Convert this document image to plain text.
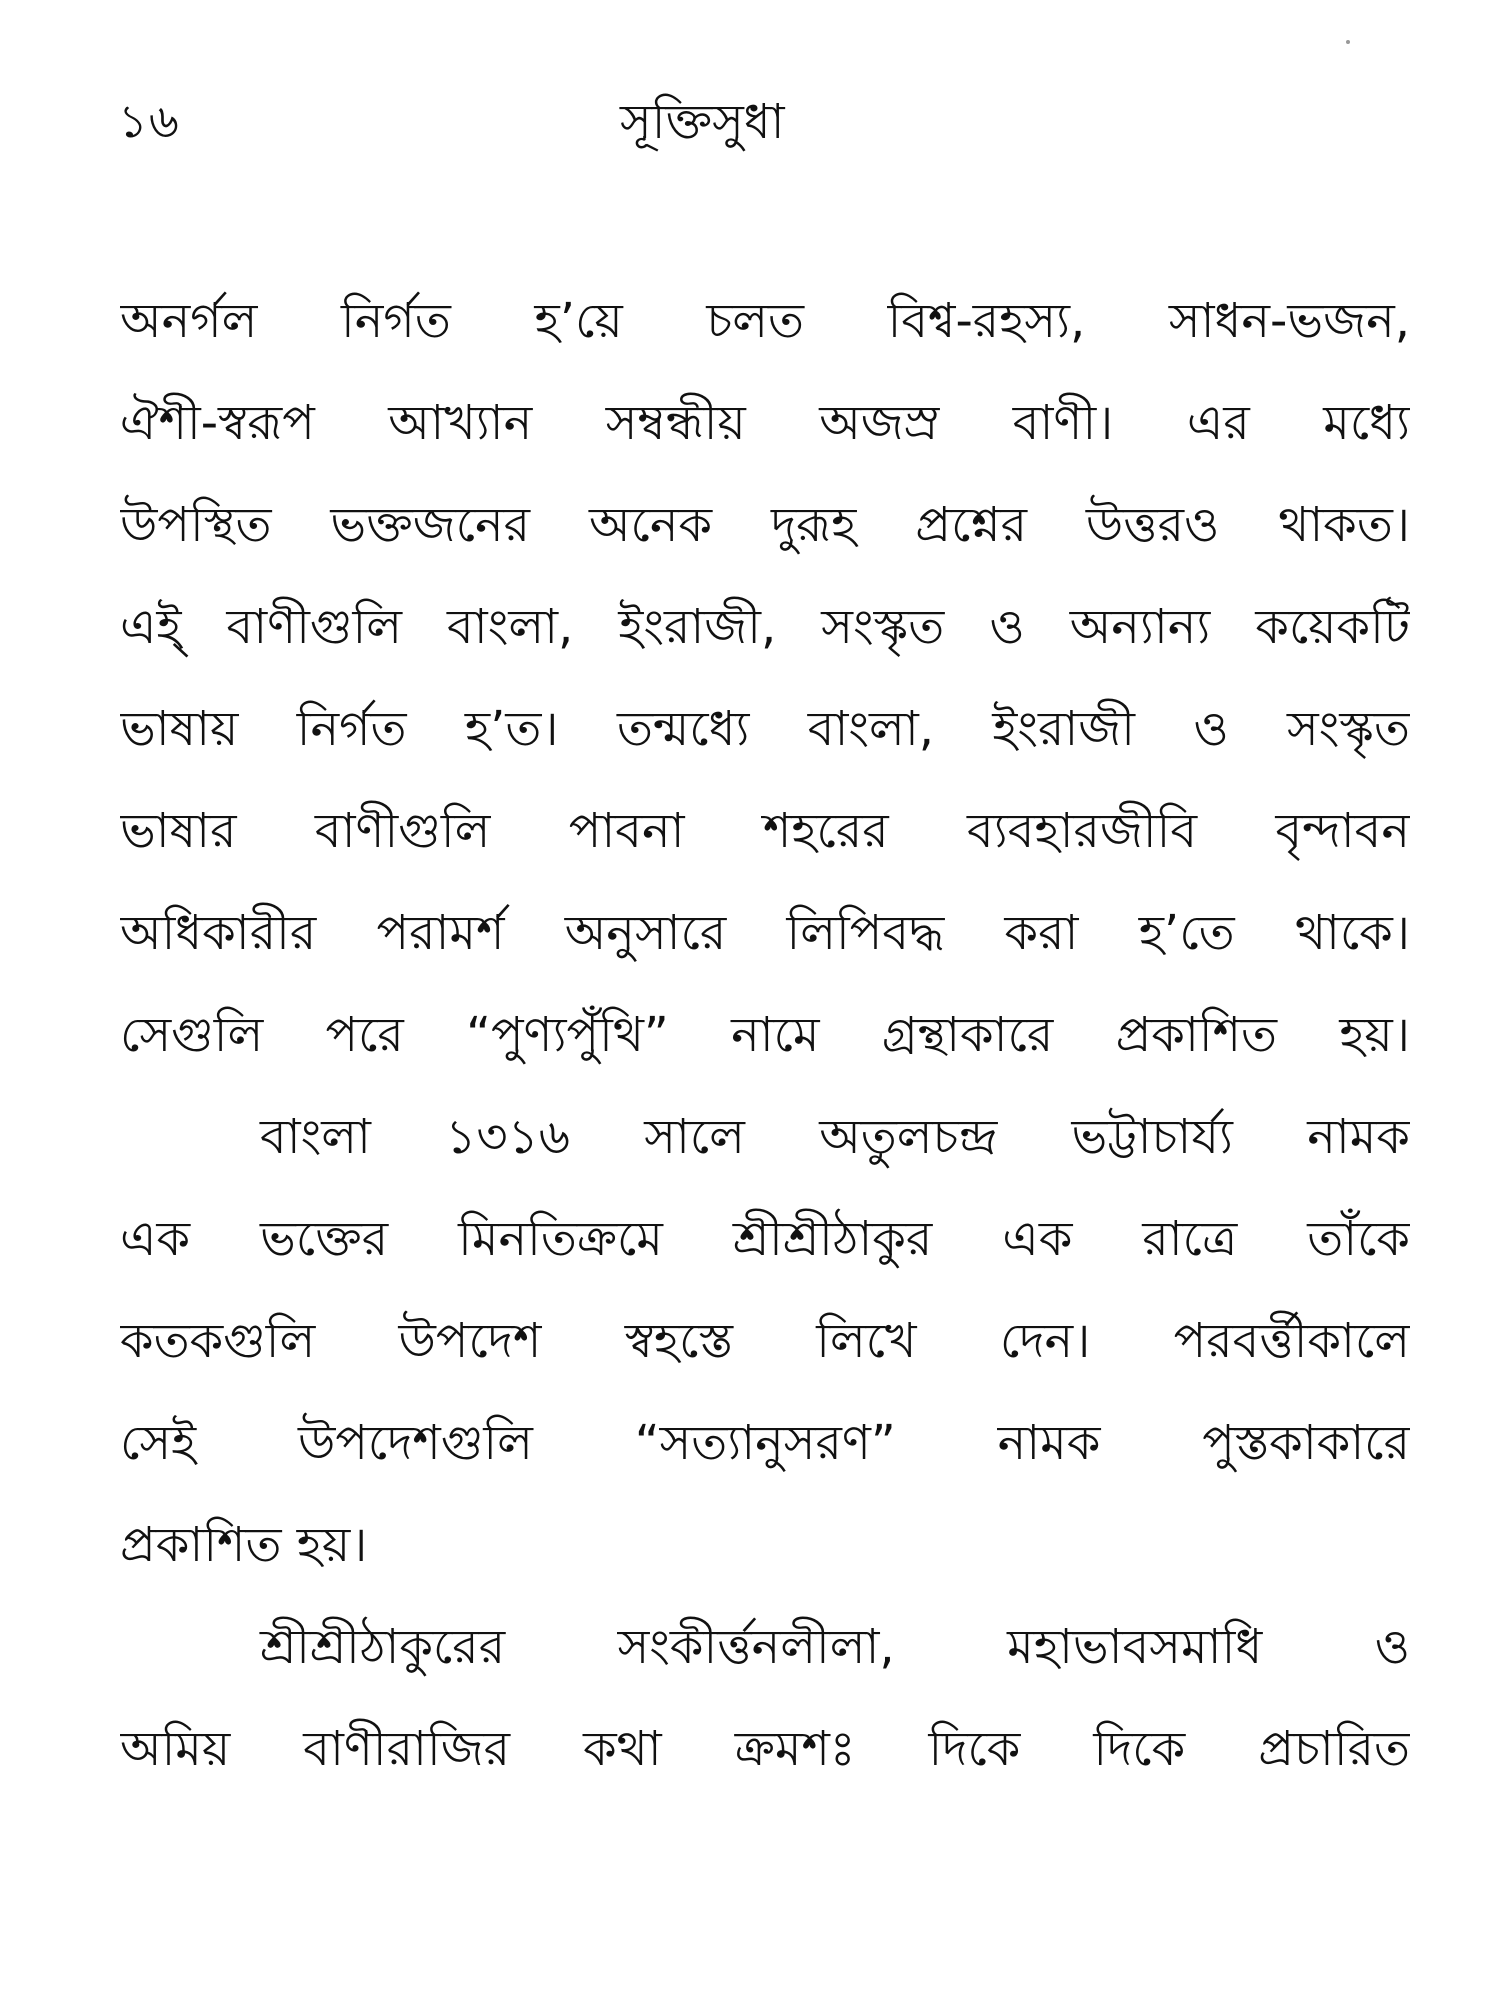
১৬	সূক্তিসুধা
অনর্গল নির্গত হ’য়ে চলত বিশ্ব-রহস্য, সাধন-ভজন,
ঐশী-স্বরূপ আখ্যান সম্বন্ধীয় অজস্র বাণী। এর মধ্যে
উপস্থিত ভক্তজনের অনেক দুরূহ প্রশ্নের উত্তরও থাকত।
এই্ বাণীগুলি বাংলা, ইংরাজী, সংস্কৃত ও অন্যান্য কয়েকটি
ভাষায় নির্গত হ’ত। তন্মধ্যে বাংলা, ইংরাজী ও সংস্কৃত
ভাষার বাণীগুলি পাবনা শহরের ব্যবহারজীবি বৃন্দাবন
অধিকারীর পরামর্শ অনুসারে লিপিবদ্ধ করা হ’তে থাকে।
সেগুলি পরে “পুণ্যপুঁথি” নামে গ্রন্থাকারে প্রকাশিত হয়।
বাংলা ১৩১৬ সালে অতুলচন্দ্র ভট্টাচার্য্য নামক
এক ভক্তের মিনতিক্রমে শ্রীশ্রীঠাকুর এক রাত্রে তাঁকে
কতকগুলি উপদেশ স্বহস্তে লিখে দেন। পরবর্ত্তীকালে
সেই উপদেশগুলি “সত্যানুসরণ” নামক পুস্তকাকারে
প্রকাশিত হয়।
শ্রীশ্রীঠাকুরের সংকীর্ত্তনলীলা, মহাভাবসমাধি ও
অমিয় বাণীরাজির কথা ক্রমশঃ দিকে দিকে প্রচারিত
